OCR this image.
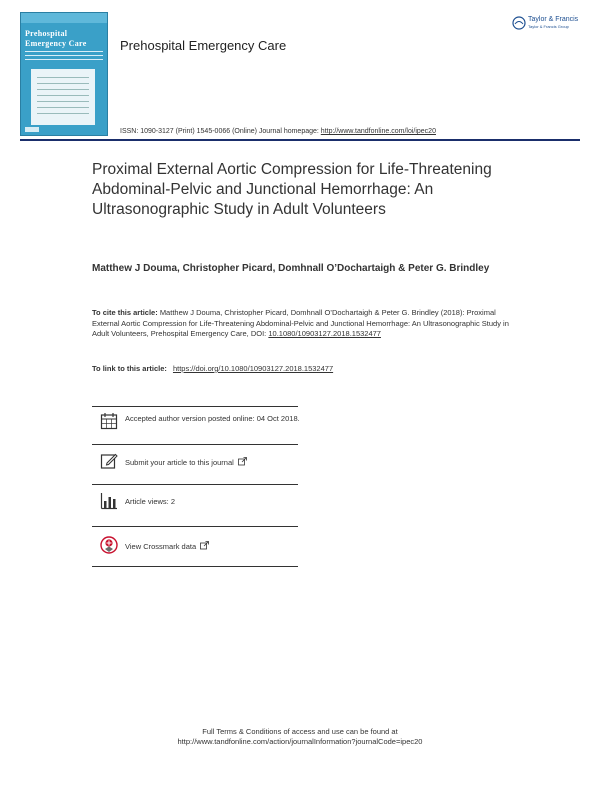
Prehospital
Emergency Care	Prehospital Emergency Care
Taylor & Francis
Taylor & Francis Group
ISSN: 1090-3127 (Print) 1545-0066 (Online) Journal homepage: http://www.tandfonline.com/loi/ipec20
Proximal External Aortic Compression for Life-Threatening Abdominal-Pelvic and Junctional Hemorrhage: An Ultrasonographic Study in Adult Volunteers
Matthew J Douma, Christopher Picard, Domhnall O’Dochartaigh & Peter G. Brindley
To cite this article: Matthew J Douma, Christopher Picard, Domhnall O’Dochartaigh & Peter G. Brindley (2018): Proximal External Aortic Compression for Life-Threatening Abdominal-Pelvic and Junctional Hemorrhage: An Ultrasonographic Study in Adult Volunteers, Prehospital Emergency Care, DOI: 10.1080/10903127.2018.1532477
To link to this article: https://doi.org/10.1080/10903127.2018.1532477
Accepted author version posted online: 04 Oct 2018.
Submit your article to this journal
Article views: 2
View Crossmark data
Full Terms & Conditions of access and use can be found at
http://www.tandfonline.com/action/journalInformation?journalCode=ipec20
